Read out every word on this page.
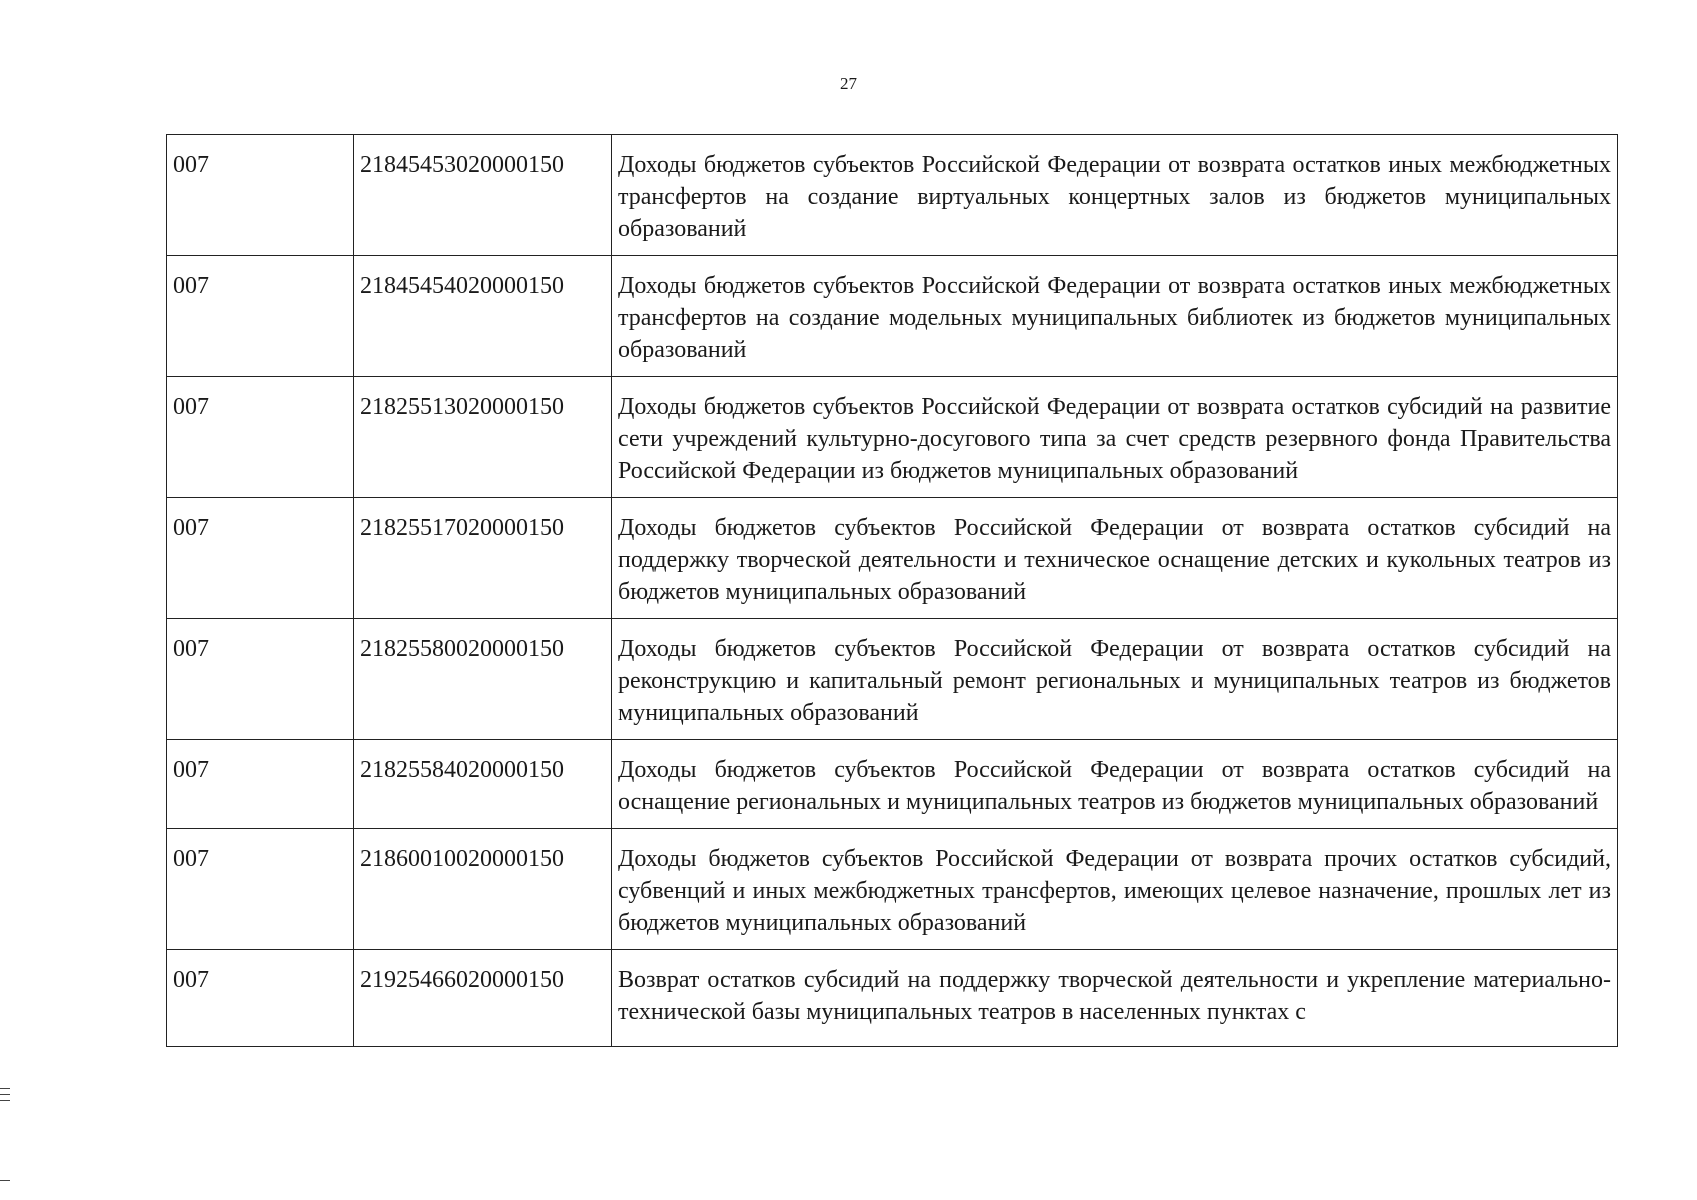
27
007	21845453020000150	Доходы бюджетов субъектов Российской Федерации от возврата остатков иных межбюджетных трансфертов на создание виртуальных концертных залов из бюджетов муниципальных образований
007	21845454020000150	Доходы бюджетов субъектов Российской Федерации от возврата остатков иных межбюджетных трансфертов на создание модельных муниципальных библиотек из бюджетов муниципальных образований
007	21825513020000150	Доходы бюджетов субъектов Российской Федерации от возврата остатков субсидий на развитие сети учреждений культурно-досугового типа за счет средств резервного фонда Правительства Российской Федерации из бюджетов муниципальных образований
007	21825517020000150	Доходы бюджетов субъектов Российской Федерации от возврата остатков субсидий на поддержку творческой деятельности и техническое оснащение детских и кукольных театров из бюджетов муниципальных образований
007	21825580020000150	Доходы бюджетов субъектов Российской Федерации от возврата остатков субсидий на реконструкцию и капитальный ремонт региональных и муниципальных театров из бюджетов муниципальных образований
007	21825584020000150	Доходы бюджетов субъектов Российской Федерации от возврата остатков субсидий на оснащение региональных и муниципальных театров из бюджетов муниципальных образований
007	21860010020000150	Доходы бюджетов субъектов Российской Федерации от возврата прочих остатков субсидий, субвенций и иных межбюджетных трансфертов, имеющих целевое назначение, прошлых лет из бюджетов муниципальных образований
007	21925466020000150	Возврат остатков субсидий на поддержку творческой деятельности и укрепление материально-технической базы муниципальных театров в населенных пунктах с
